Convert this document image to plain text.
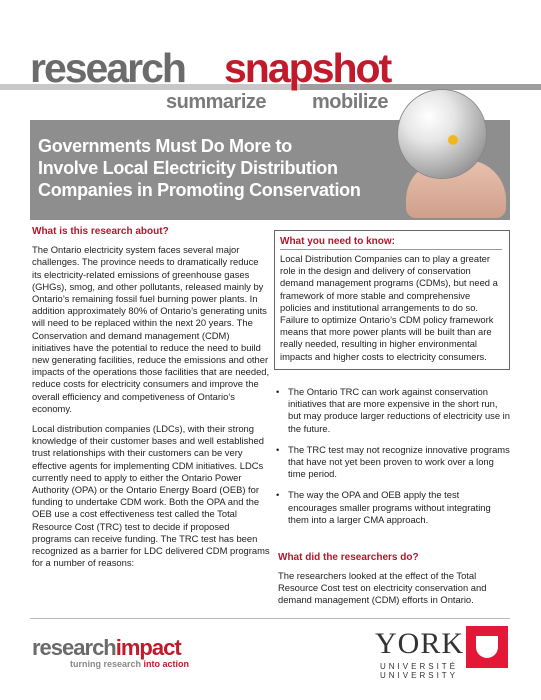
research snapshot
summarize mobilize
Governments Must Do More to
Involve Local Electricity Distribution
Companies in Promoting Conservation
What is this research about?

The Ontario electricity system faces several major challenges. The province needs to dramatically reduce its electricity-related emissions of greenhouse gases (GHGs), smog, and other pollutants, released mainly by Ontario’s remaining fossil fuel burning power plants. In addition approximately 80% of Ontario’s generating units will need to be replaced within the next 20 years. The Conservation and demand management (CDM) initiatives have the potential to reduce the need to build new generating facilities, reduce the emissions and other impacts of the operations those facilities that are needed, reduce costs for electricity consumers and improve the overall efficiency and competiveness of Ontario’s economy.

Local distribution companies (LDCs), with their strong knowledge of their customer bases and well established trust relationships with their customers can be very effective agents for implementing CDM initiatives. LDCs currently need to apply to either the Ontario Power Authority (OPA) or the Ontario Energy Board (OEB) for funding to undertake CDM work. Both the OPA and the OEB use a cost effectiveness test called the Total Resource Cost (TRC) test to decide if proposed programs can receive funding. The TRC test has been recognized as a barrier for LDC delivered CDM programs for a number of reasons:

What you need to know:
Local Distribution Companies can to play a greater role in the design and delivery of conservation demand management programs (CDMs), but need a framework of more stable and comprehensive policies and institutional arrangements to do so. Failure to optimize Ontario’s CDM policy framework means that more power plants will be built than are really needed, resulting in higher environmental impacts and higher costs to electricity consumers.
• The Ontario TRC can work against conservation initiatives that are more expensive in the short run, but may produce larger reductions of electricity use in the future.
• The TRC test may not recognize innovative programs that have not yet been proven to work over a long time period.
• The way the OPA and OEB apply the test encourages smaller programs without integrating them into a larger CMA approach.
What did the researchers do?
The researchers looked at the effect of the Total Resource Cost test on electricity conservation and demand management (CDM) efforts in Ontario.
researchimpact
turning research into action
YORK
UNIVERSITÉ
UNIVERSITY
